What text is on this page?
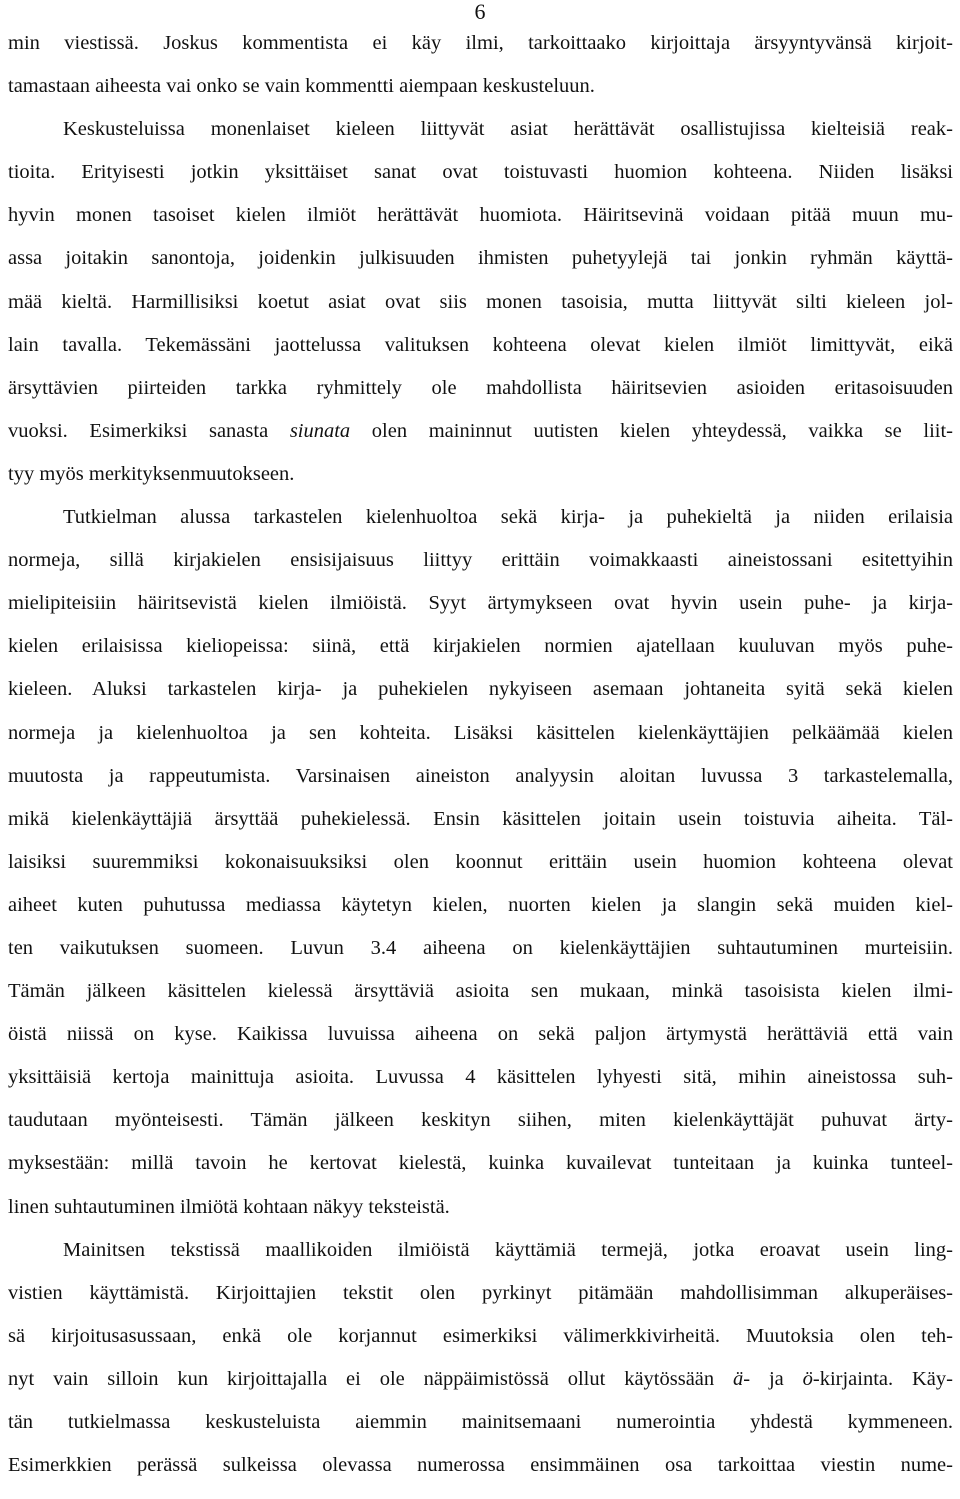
6
min viestissä. Joskus kommentista ei käy ilmi, tarkoittaako kirjoittaja ärsyyntyvänsä kirjoit-
tamastaan aiheesta vai onko se vain kommentti aiempaan keskusteluun.
Keskusteluissa monenlaiset kieleen liittyvät asiat herättävät osallistujissa kielteisiä reak-
tioita. Erityisesti jotkin yksittäiset sanat ovat toistuvasti huomion kohteena. Niiden lisäksi
hyvin monen tasoiset kielen ilmiöt herättävät huomiota. Häiritsevinä voidaan pitää muun mu-
assa joitakin sanontoja, joidenkin julkisuuden ihmisten puhetyylejä tai jonkin ryhmän käyttä-
mää kieltä. Harmillisiksi koetut asiat ovat siis monen tasoisia, mutta liittyvät silti kieleen jol-
lain tavalla. Tekemässäni jaottelussa valituksen kohteena olevat kielen ilmiöt limittyvät, eikä
ärsyttävien piirteiden tarkka ryhmittely ole mahdollista häiritsevien asioiden eritasoisuuden
vuoksi. Esimerkiksi sanasta siunata olen maininnut uutisten kielen yhteydessä, vaikka se liit-
tyy myös merkityksenmuutokseen.
Tutkielman alussa tarkastelen kielenhuoltoa sekä kirja- ja puhekieltä ja niiden erilaisia
normeja, sillä kirjakielen ensisijaisuus liittyy erittäin voimakkaasti aineistossani esitettyihin
mielipiteisiin häiritsevistä kielen ilmiöistä. Syyt ärtymykseen ovat hyvin usein puhe- ja kirja-
kielen erilaisissa kieliopeissa: siinä, että kirjakielen normien ajatellaan kuuluvan myös puhe-
kieleen. Aluksi tarkastelen kirja- ja puhekielen nykyiseen asemaan johtaneita syitä sekä kielen
normeja ja kielenhuoltoa ja sen kohteita. Lisäksi käsittelen kielenkäyttäjien pelkäämää kielen
muutosta ja rappeutumista. Varsinaisen aineiston analyysin aloitan luvussa 3 tarkastelemalla,
mikä kielenkäyttäjiä ärsyttää puhekielessä. Ensin käsittelen joitain usein toistuvia aiheita. Täl-
laisiksi suuremmiksi kokonaisuuksiksi olen koonnut erittäin usein huomion kohteena olevat
aiheet kuten puhutussa mediassa käytetyn kielen, nuorten kielen ja slangin sekä muiden kiel-
ten vaikutuksen suomeen. Luvun 3.4 aiheena on kielenkäyttäjien suhtautuminen murteisiin.
Tämän jälkeen käsittelen kielessä ärsyttäviä asioita sen mukaan, minkä tasoisista kielen ilmi-
öistä niissä on kyse. Kaikissa luvuissa aiheena on sekä paljon ärtymystä herättäviä että vain
yksittäisiä kertoja mainittuja asioita. Luvussa 4 käsittelen lyhyesti sitä, mihin aineistossa suh-
taudutaan myönteisesti. Tämän jälkeen keskityn siihen, miten kielenkäyttäjät puhuvat ärty-
myksestään: millä tavoin he kertovat kielestä, kuinka kuvailevat tunteitaan ja kuinka tunteel-
linen suhtautuminen ilmiötä kohtaan näkyy teksteistä.
Mainitsen tekstissä maallikoiden ilmiöistä käyttämiä termejä, jotka eroavat usein ling-
vistien käyttämistä. Kirjoittajien tekstit olen pyrkinyt pitämään mahdollisimman alkuperäises-
sä kirjoitusasussaan, enkä ole korjannut esimerkiksi välimerkkivirheitä. Muutoksia olen teh-
nyt vain silloin kun kirjoittajalla ei ole näppäimistössä ollut käytössään ä- ja ö-kirjainta. Käy-
tän tutkielmassa keskusteluista aiemmin mainitsemaani numerointia yhdestä kymmeneen.
Esimerkkien perässä sulkeissa olevassa numerossa ensimmäinen osa tarkoittaa viestin nume-
